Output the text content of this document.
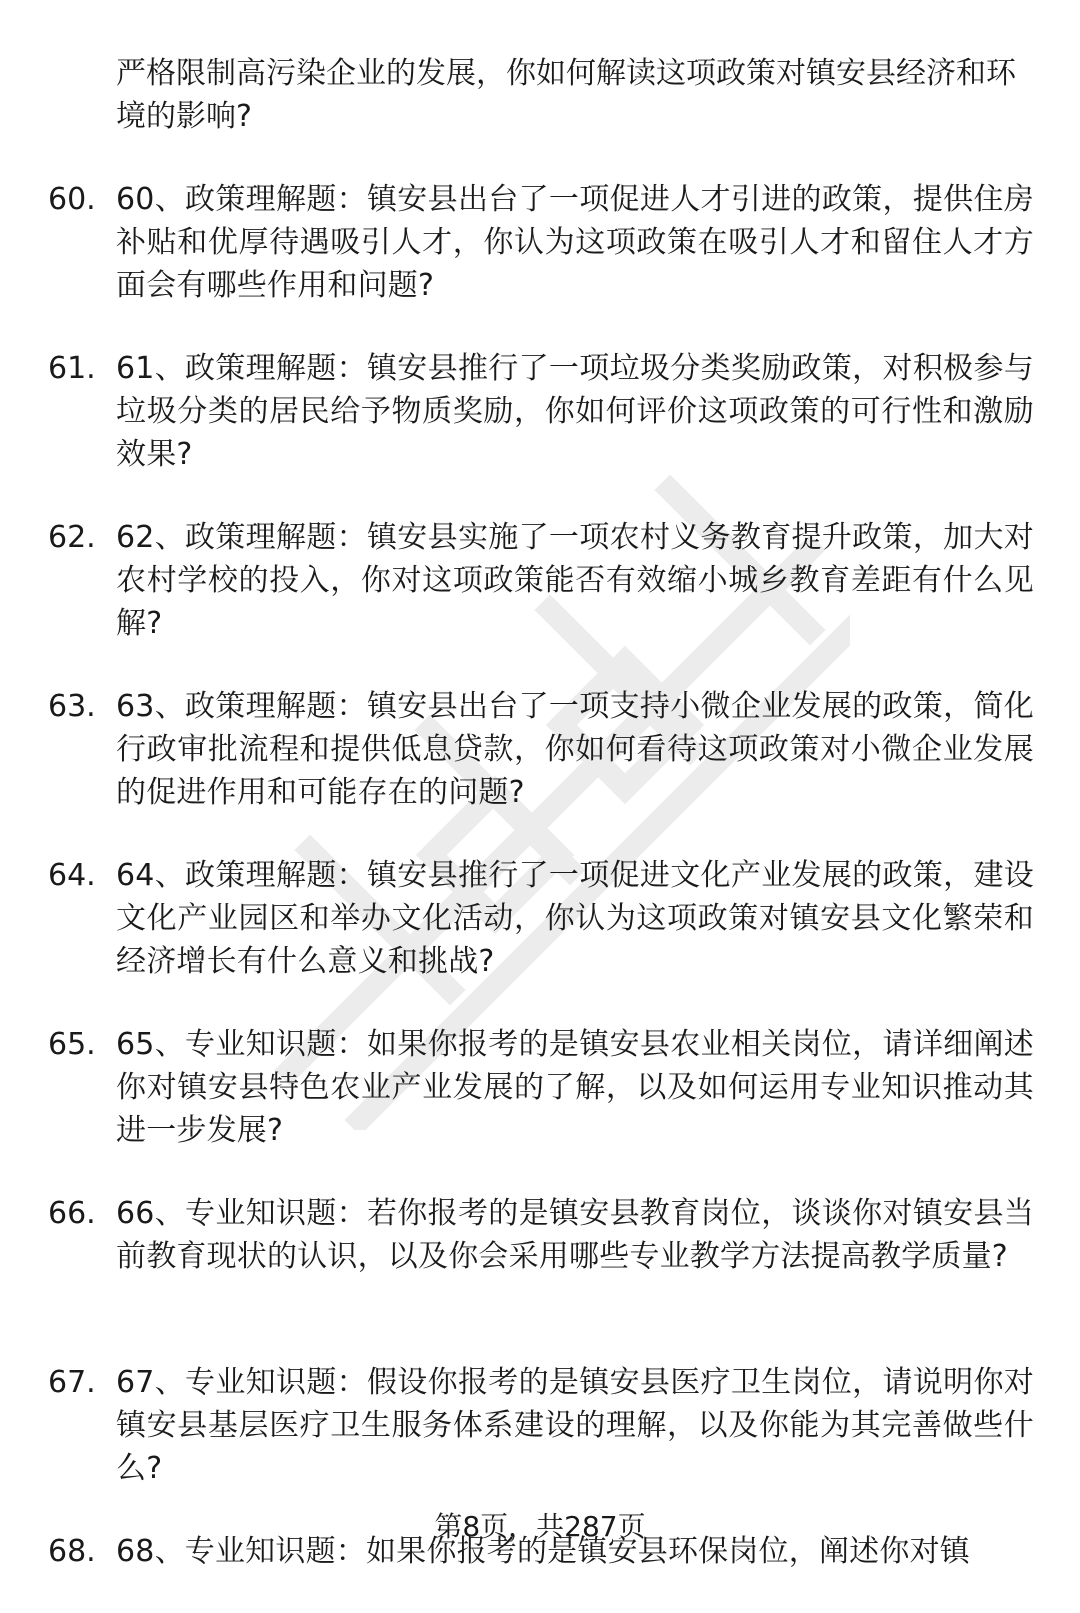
严格限制高污染企业的发展，你如何解读这项政策对镇安县经济和环境的影响?
60. 60、政策理解题：镇安县出台了一项促进人才引进的政策，提供住房补贴和优厚待遇吸引人才，你认为这项政策在吸引人才和留住人才方面会有哪些作用和问题?
61. 61、政策理解题：镇安县推行了一项垃圾分类奖励政策，对积极参与垃圾分类的居民给予物质奖励，你如何评价这项政策的可行性和激励效果?
62. 62、政策理解题：镇安县实施了一项农村义务教育提升政策，加大对农村学校的投入，你对这项政策能否有效缩小城乡教育差距有什么见解?
63. 63、政策理解题：镇安县出台了一项支持小微企业发展的政策，简化行政审批流程和提供低息贷款，你如何看待这项政策对小微企业发展的促进作用和可能存在的问题?
64. 64、政策理解题：镇安县推行了一项促进文化产业发展的政策，建设文化产业园区和举办文化活动，你认为这项政策对镇安县文化繁荣和经济增长有什么意义和挑战?
65. 65、专业知识题：如果你报考的是镇安县农业相关岗位，请详细阐述你对镇安县特色农业产业发展的了解，以及如何运用专业知识推动其进一步发展?
66. 66、专业知识题：若你报考的是镇安县教育岗位，谈谈你对镇安县当前教育现状的认识，以及你会采用哪些专业教学方法提高教学质量?
67. 67、专业知识题：假设你报考的是镇安县医疗卫生岗位，请说明你对镇安县基层医疗卫生服务体系建设的理解，以及你能为其完善做些什么?
68. 68、专业知识题：如果你报考的是镇安县环保岗位，阐述你对镇
第8页，共287页
